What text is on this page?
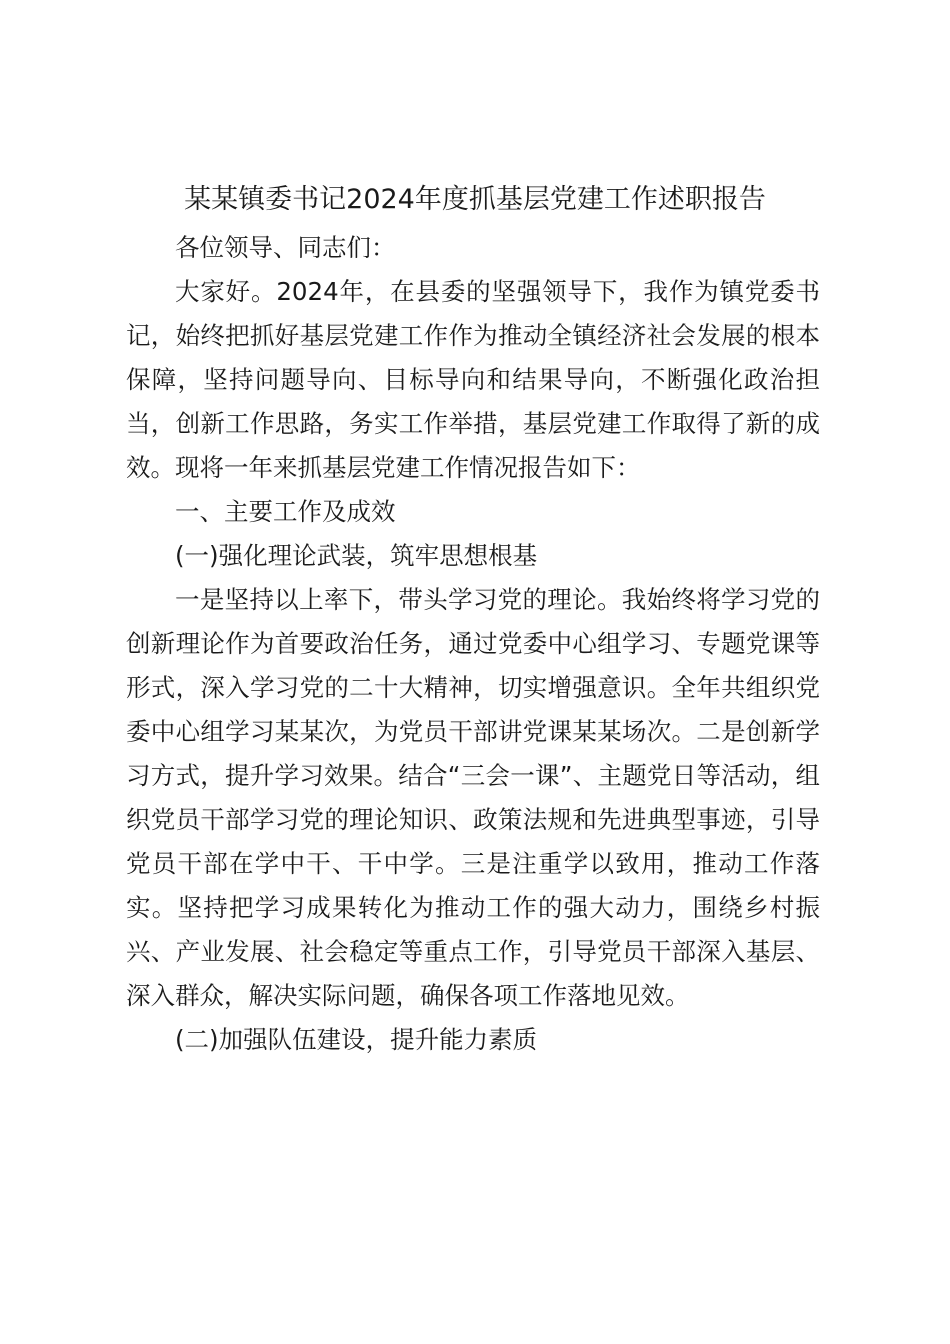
某某镇委书记2024年度抓基层党建工作述职报告

各位领导、同志们：

大家好。2024年，在县委的坚强领导下，我作为镇党委书记，始终把抓好基层党建工作作为推动全镇经济社会发展的根本保障，坚持问题导向、目标导向和结果导向，不断强化政治担当，创新工作思路，务实工作举措，基层党建工作取得了新的成效。现将一年来抓基层党建工作情况报告如下：

一、主要工作及成效

(一)强化理论武装，筑牢思想根基

一是坚持以上率下，带头学习党的理论。我始终将学习党的创新理论作为首要政治任务，通过党委中心组学习、专题党课等形式，深入学习党的二十大精神，切实增强意识。全年共组织党委中心组学习某某次，为党员干部讲党课某某场次。二是创新学习方式，提升学习效果。结合“三会一课”、主题党日等活动，组织党员干部学习党的理论知识、政策法规和先进典型事迹，引导党员干部在学中干、干中学。三是注重学以致用，推动工作落实。坚持把学习成果转化为推动工作的强大动力，围绕乡村振兴、产业发展、社会稳定等重点工作，引导党员干部深入基层、深入群众，解决实际问题，确保各项工作落地见效。

(二)加强队伍建设，提升能力素质
